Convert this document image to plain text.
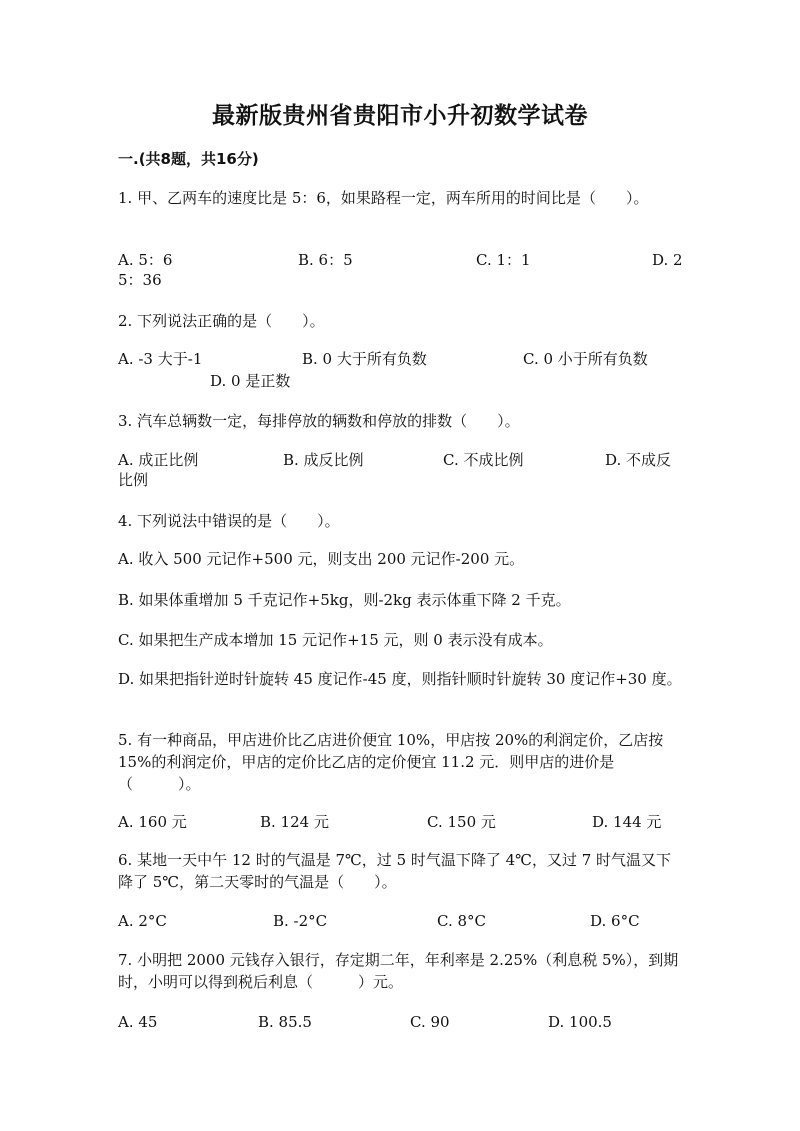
最新版贵州省贵阳市小升初数学试卷
一.(共8题，共16分)
1. 甲、乙两车的速度比是 5：6，如果路程一定，两车所用的时间比是（　　）。
A. 5：6	B. 6：5	C. 1：1	D. 2
5：36
2. 下列说法正确的是（　　）。
A. -3 大于-1	B. 0 大于所有负数	C. 0 小于所有负数
D. 0 是正数
3. 汽车总辆数一定，每排停放的辆数和停放的排数（　　）。
A. 成正比例	B. 成反比例	C. 不成比例	D. 不成反
比例
4. 下列说法中错误的是（　　）。
A. 收入 500 元记作+500 元，则支出 200 元记作-200 元。
B. 如果体重增加 5 千克记作+5kg，则-2kg 表示体重下降 2 千克。
C. 如果把生产成本增加 15 元记作+15 元，则 0 表示没有成本。
D. 如果把指针逆时针旋转 45 度记作-45 度，则指针顺时针旋转 30 度记作+30 度。
5. 有一种商品，甲店进价比乙店进价便宜 10%，甲店按 20%的利润定价，乙店按 15%的利润定价，甲店的定价比乙店的定价便宜 11.2 元．则甲店的进价是（　　　）。
A. 160 元	B. 124 元	C. 150 元	D. 144 元
6. 某地一天中午 12 时的气温是 7℃，过 5 时气温下降了 4℃，又过 7 时气温又下降了 5℃，第二天零时的气温是（　　）。
A. 2°C	B. -2°C	C. 8°C	D. 6°C
7. 小明把 2000 元钱存入银行，存定期二年，年利率是 2.25%（利息税 5%），到期时，小明可以得到税后利息（　　　）元。
A. 45	B. 85.5	C. 90	D. 100.5
